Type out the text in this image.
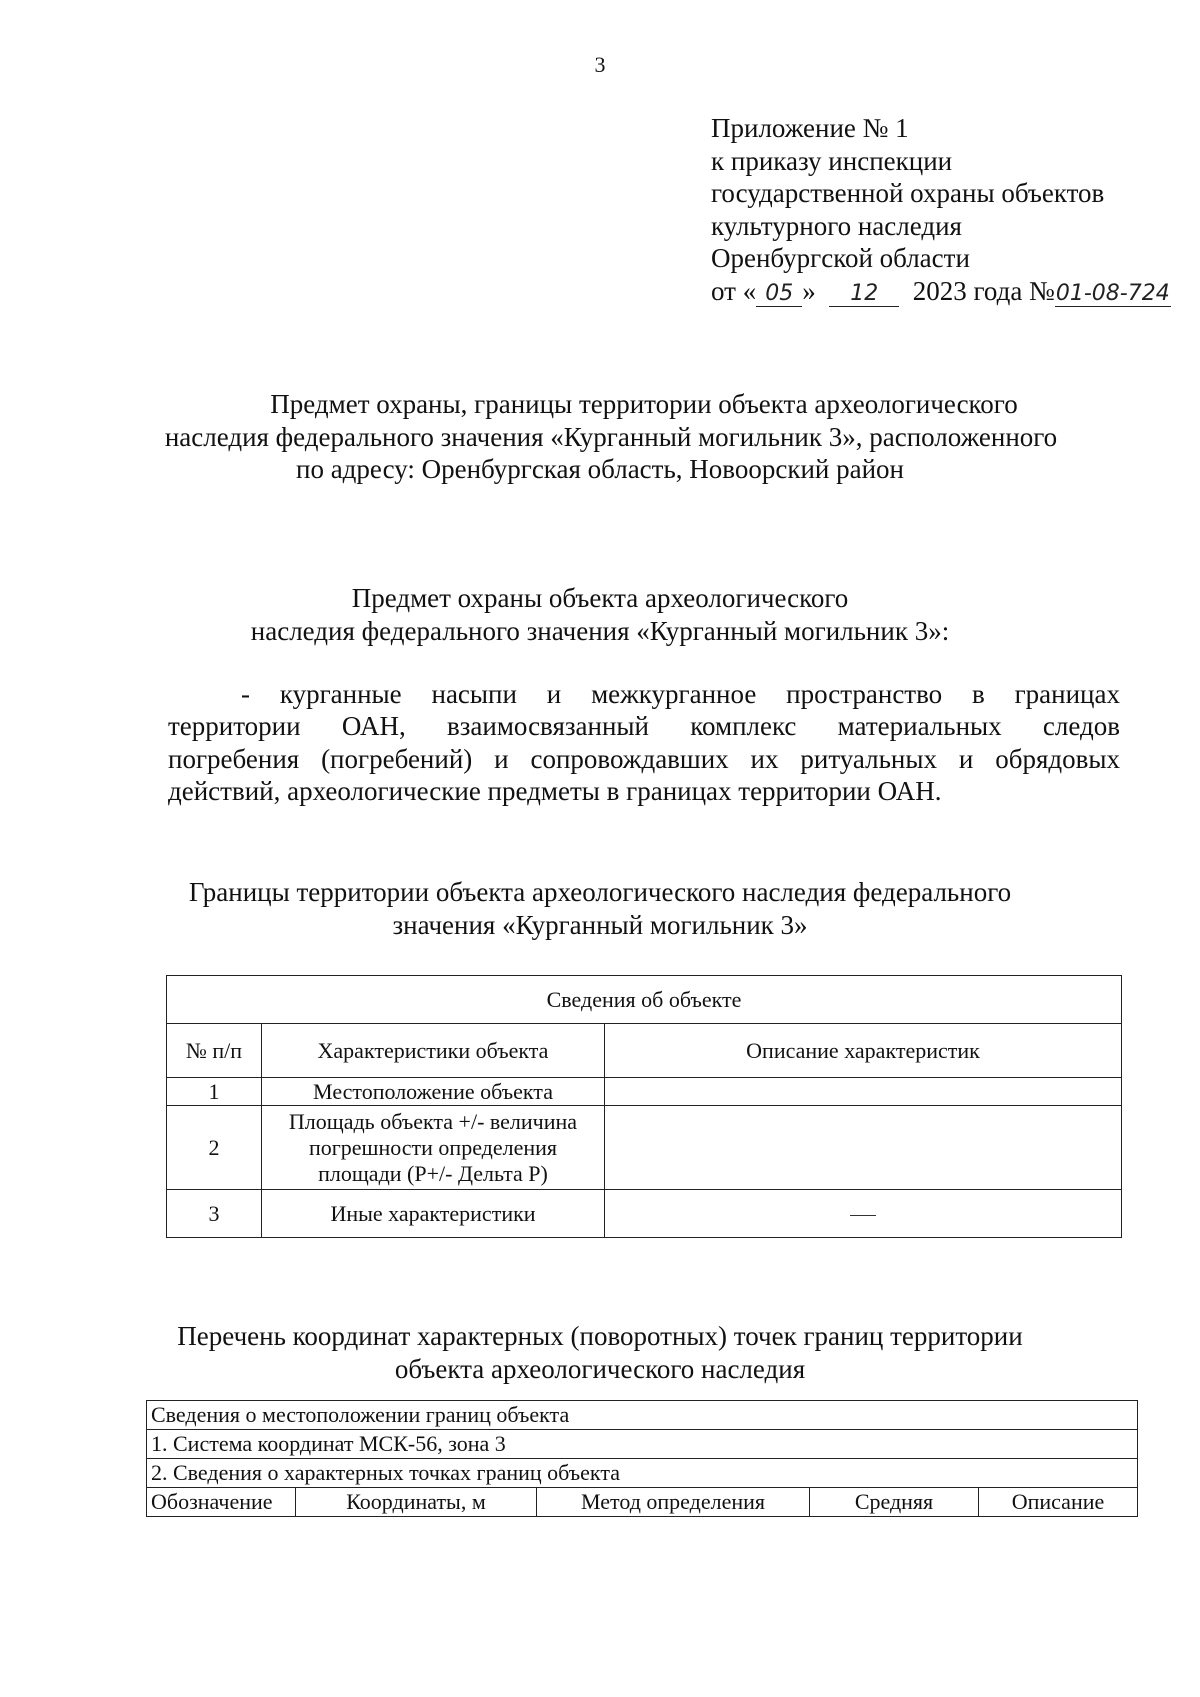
3
Приложение № 1
к приказу инспекции
государственной охраны объектов
культурного наследия
Оренбургской области
от « 05 » 12 2023 года №01-08-724
Предмет охраны, границы территории объекта археологического
наследия федерального значения «Курганный могильник 3», расположенного
по адресу: Оренбургская область, Новоорский район
Предмет охраны объекта археологического
наследия федерального значения «Курганный могильник 3»:
- курганные насыпи и межкурганное пространство в границах
территории ОАН, взаимосвязанный комплекс материальных следов
погребения (погребений) и сопровождавших их ритуальных и обрядовых
действий, археологические предметы в границах территории ОАН.
Границы территории объекта археологического наследия федерального
значения «Курганный могильник 3»
Сведения об объекте		
№ п/п	Характеристики объекта	Описание характеристик
1	Местоположение объекта	
2	Площадь объекта +/- величина
погрешности определения
площади (Р+/- Дельта Р)	

3	Иные характеристики	
Перечень координат характерных (поворотных) точек границ территории
объекта археологического наследия
Сведения о местоположении границ объекта
1. Система координат МСК-56, зона 3
2. Сведения о характерных точках границ объекта
Обозначение	Координаты, м	Метод определения	Средняя	Описание
